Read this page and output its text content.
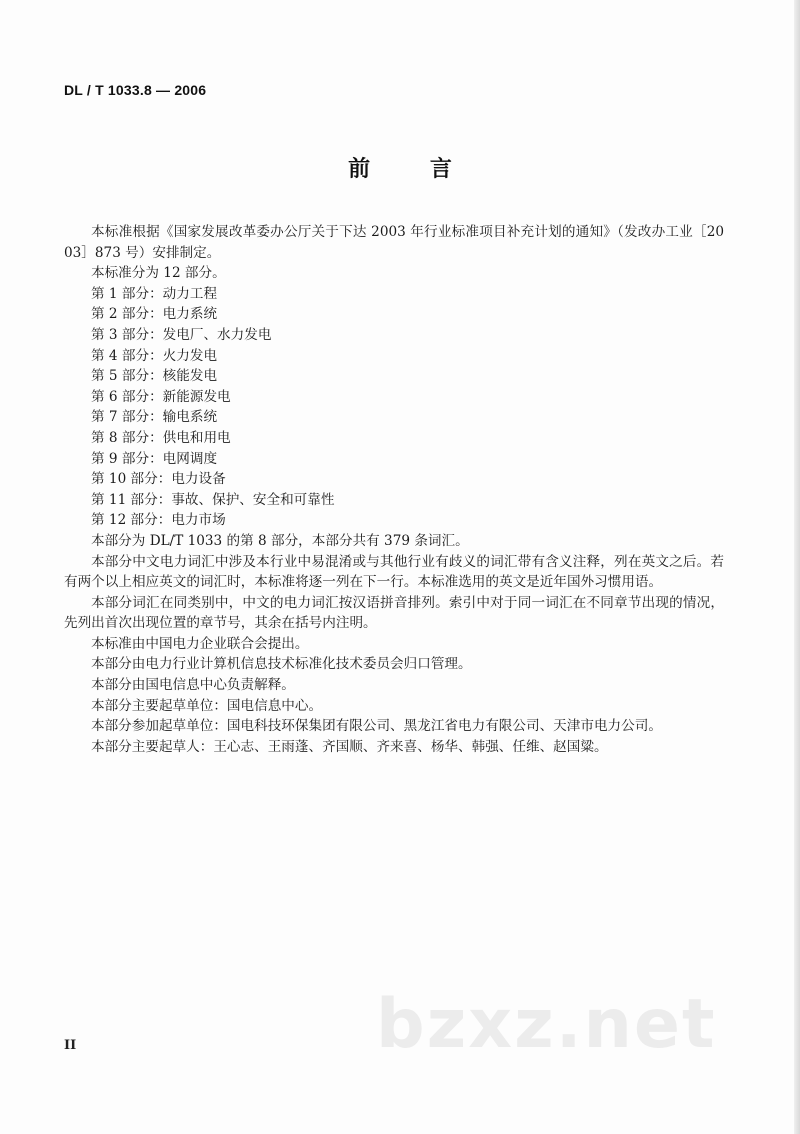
DL / T 1033.8 — 2006
前 言

本标准根据《国家发展改革委办公厅关于下达 2003 年行业标准项目补充计划的通知》（发改办工业［2003］873 号）安排制定。

本标准分为 12 部分。

第 1 部分：动力工程

第 2 部分：电力系统

第 3 部分：发电厂、水力发电

第 4 部分：火力发电

第 5 部分：核能发电

第 6 部分：新能源发电

第 7 部分：输电系统

第 8 部分：供电和用电

第 9 部分：电网调度

第 10 部分：电力设备

第 11 部分：事故、保护、安全和可靠性

第 12 部分：电力市场

本部分为 DL/T 1033 的第 8 部分，本部分共有 379 条词汇。

本部分中文电力词汇中涉及本行业中易混淆或与其他行业有歧义的词汇带有含义注释，列在英文之后。若有两个以上相应英文的词汇时，本标准将逐一列在下一行。本标准选用的英文是近年国外习惯用语。

本部分词汇在同类别中，中文的电力词汇按汉语拼音排列。索引中对于同一词汇在不同章节出现的情况，先列出首次出现位置的章节号，其余在括号内注明。

本标准由中国电力企业联合会提出。

本部分由电力行业计算机信息技术标准化技术委员会归口管理。

本部分由国电信息中心负责解释。

本部分主要起草单位：国电信息中心。

本部分参加起草单位：国电科技环保集团有限公司、黑龙江省电力有限公司、天津市电力公司。

本部分主要起草人：王心志、王雨蓬、齐国顺、齐来喜、杨华、韩强、任维、赵国粱。

bzxz.net
II
